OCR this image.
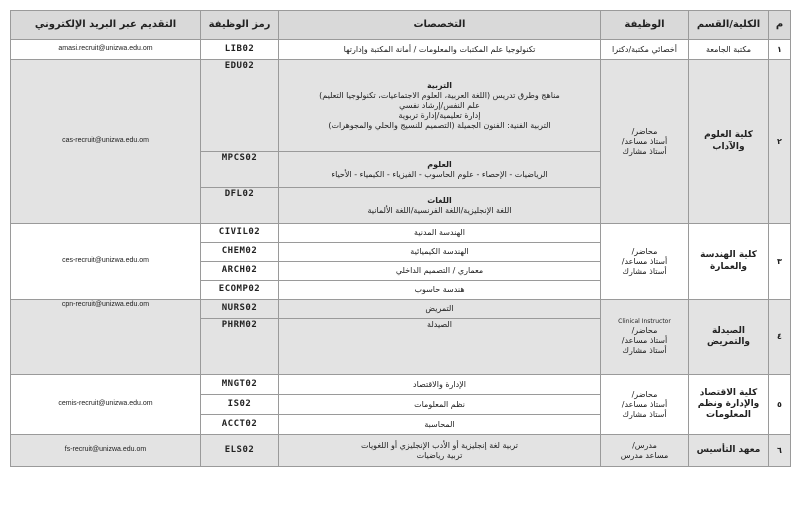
م	الكلية/القسم	الوظيفة	التخصصات	رمز الوظيفة	التقديم عبر البريد الإلكتروني
١	مكتبة الجامعة	أخصائي مكتبة/دكترا	تكنولوجيا علم المكتبات والمعلومات / أمانة المكتبة وإدارتها	LIB02	amasi.recruit@unizwa.edu.om
٢	كلية العلوم والآداب	محاضر/
أستاذ مساعد/
أستاذ مشارك	التربية
مناهج وطرق تدريس (اللغة العربية، العلوم الاجتماعيات، تكنولوجيا التعليم)
علم النفس/إرشاد نفسي
إدارة تعليمية/إدارة تربوية
التربية الفنية: الفنون الجميلة (التصميم للنسيج والحلي والمجوهرات)	EDU02	cas-recruit@unizwa.edu.om

			العلوم
الرياضيات - الإحصاء - علوم الحاسوب - الفيزياء - الكيمياء - الأحياء	MPCS02	

			اللغات
اللغة الإنجليزية/اللغة الفرنسية/اللغة الألمانية	DFL02	
٣	كلية الهندسة والعمارة	محاضر/
أستاذ مساعد/
أستاذ مشارك	الهندسة المدنية	CIVIL02	ces-recruit@unizwa.edu.om
			الهندسة الكيميائية	CHEM02	
			معماري / التصميم الداخلي	ARCH02	
			هندسة حاسوب	ECOMP02	
٤	الصيدلة والتمريض	Clinical Instructor
محاضر/
أستاذ مساعد/
أستاذ مشارك	التمريض	NURS02	cpn-recruit@unizwa.edu.om
			الصيدلة	PHRM02	
٥	كلية الاقتصاد والإدارة ونظم المعلومات	محاضر/
أستاذ مساعد/
أستاذ مشارك	الإدارة والاقتصاد	MNGT02	cemis-recruit@unizwa.edu.om
			نظم المعلومات	IS02	
			المحاسبة	ACCT02	
٦	معهد التأسيس	مدرس/
مساعد مدرس	تربية لغة إنجليزية أو الأدب الإنجليزي أو اللغويات
تربية رياضيات	ELS02	fs-recruit@unizwa.edu.om
